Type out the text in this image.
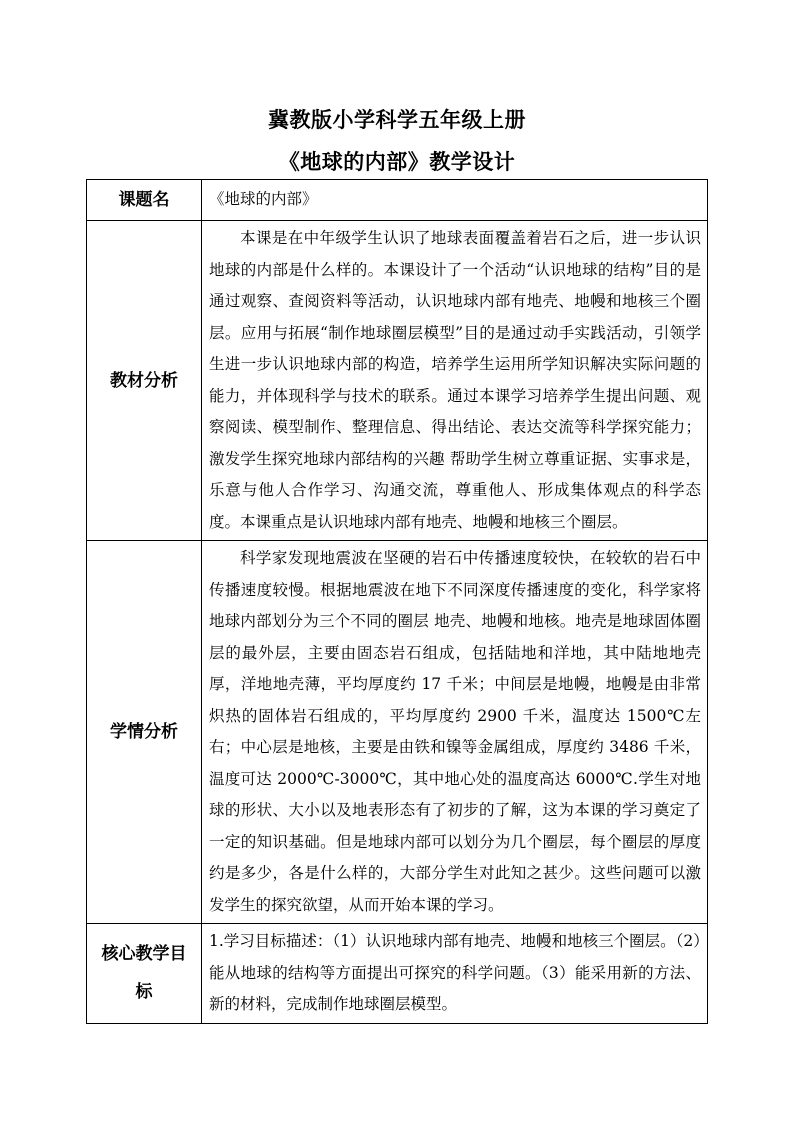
冀教版小学科学五年级上册
《地球的内部》教学设计
课题名	《地球的内部》
教材分析	本课是在中年级学生认识了地球表面覆盖着岩石之后，进一步认识地球的内部是什么样的。本课设计了一个活动“认识地球的结构”目的是通过观察、查阅资料等活动，认识地球内部有地壳、地幔和地核三个圈层。应用与拓展“制作地球圈层模型”目的是通过动手实践活动，引领学生进一步认识地球内部的构造，培养学生运用所学知识解决实际问题的能力，并体现科学与技术的联系。通过本课学习培养学生提出问题、观察阅读、模型制作、整理信息、得出结论、表达交流等科学探究能力；激发学生探究地球内部结构的兴趣 帮助学生树立尊重证据、实事求是，乐意与他人合作学习、沟通交流，尊重他人、形成集体观点的科学态度。本课重点是认识地球内部有地壳、地幔和地核三个圈层。

学情分析	科学家发现地震波在坚硬的岩石中传播速度较快，在较软的岩石中传播速度较慢。根据地震波在地下不同深度传播速度的变化，科学家将地球内部划分为三个不同的圈层 地壳、地幔和地核。地壳是地球固体圈层的最外层，主要由固态岩石组成，包括陆地和洋地，其中陆地地壳厚，洋地地壳薄，平均厚度约 17 千米；中间层是地幔，地幔是由非常炽热的固体岩石组成的，平均厚度约 2900 千米，温度达 1500℃左右；中心层是地核，主要是由铁和镍等金属组成，厚度约 3486 千米，温度可达 2000℃-3000℃，其中地心处的温度高达 6000℃.学生对地球的形状、大小以及地表形态有了初步的了解，这为本课的学习奠定了一定的知识基础。但是地球内部可以划分为几个圈层，每个圈层的厚度约是多少，各是什么样的，大部分学生对此知之甚少。这些问题可以激发学生的探究欲望，从而开始本课的学习。

核心教学目标	1.学习目标描述：（1）认识地球内部有地壳、地幔和地核三个圈层。（2）能从地球的结构等方面提出可探究的科学问题。（3）能采用新的方法、新的材料，完成制作地球圈层模型。
